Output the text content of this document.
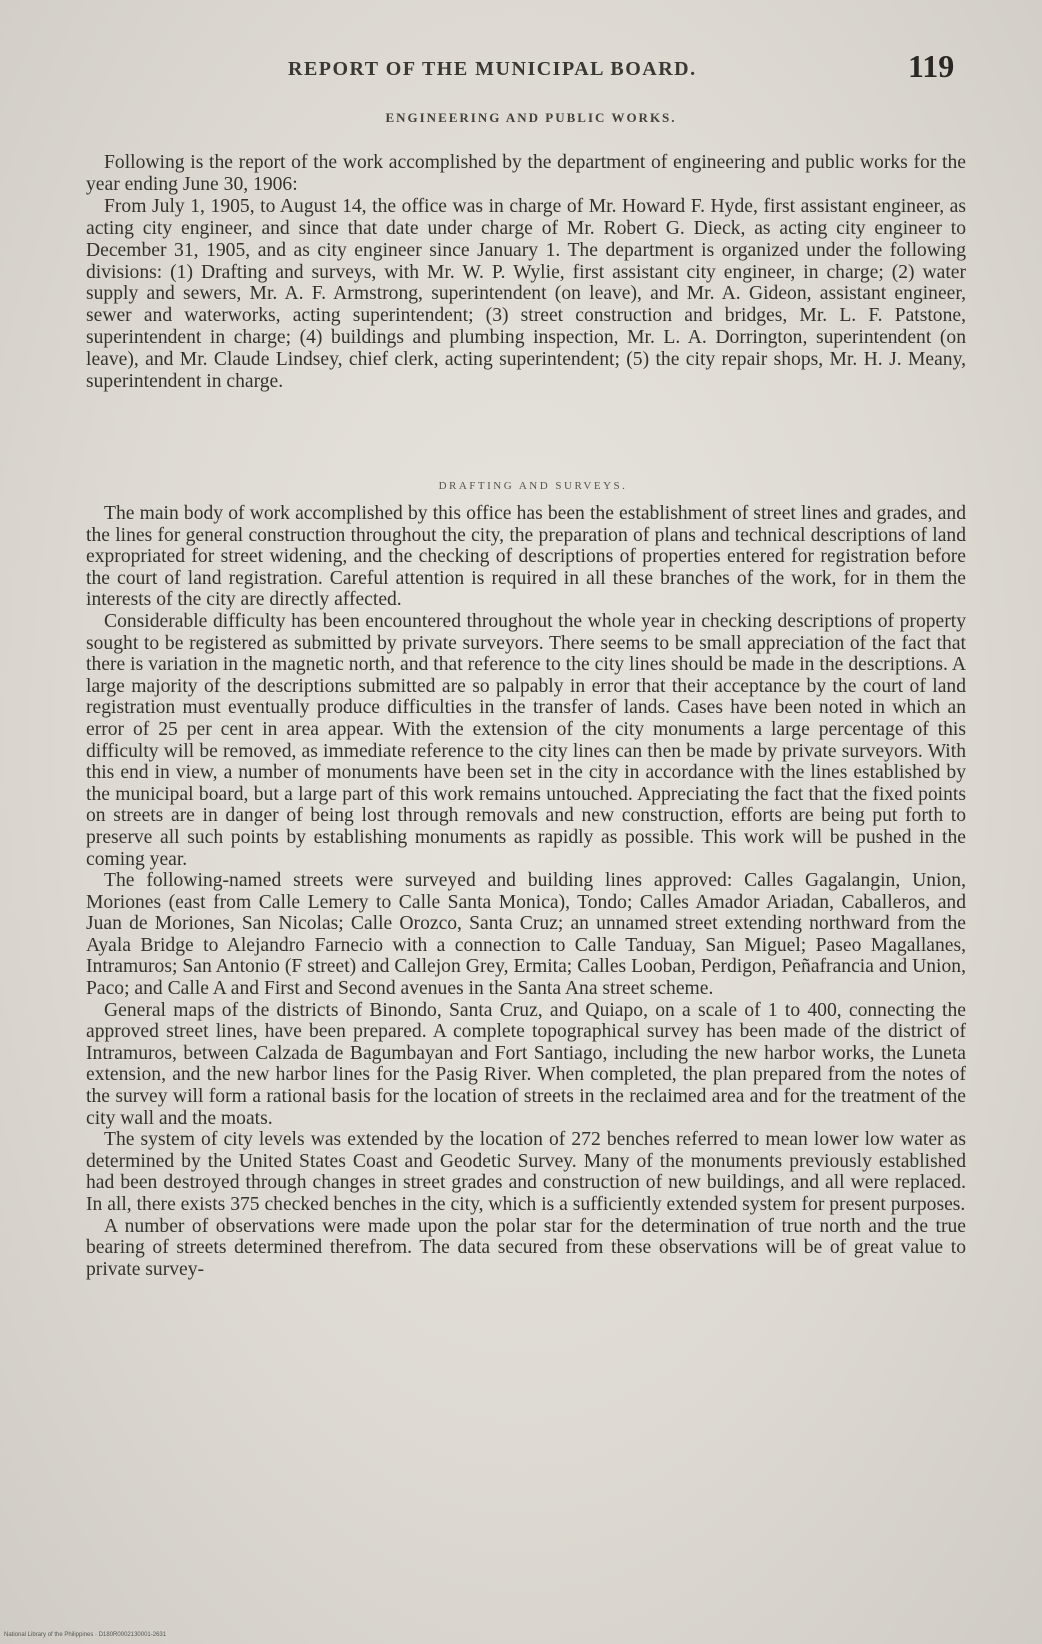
REPORT OF THE MUNICIPAL BOARD.	119
ENGINEERING AND PUBLIC WORKS.

Following is the report of the work accomplished by the department of engineering and public works for the year ending June 30, 1906:

From July 1, 1905, to August 14, the office was in charge of Mr. Howard F. Hyde, first assistant engineer, as acting city engineer, and since that date under charge of Mr. Robert G. Dieck, as acting city engineer to December 31, 1905, and as city engineer since January 1. The department is organized under the following divisions: (1) Drafting and surveys, with Mr. W. P. Wylie, first assistant city engineer, in charge; (2) water supply and sewers, Mr. A. F. Armstrong, superintendent (on leave), and Mr. A. Gideon, assistant engineer, sewer and waterworks, acting superintendent; (3) street construction and bridges, Mr. L. F. Patstone, superintendent in charge; (4) buildings and plumbing inspection, Mr. L. A. Dorrington, superintendent (on leave), and Mr. Claude Lindsey, chief clerk, acting superintendent; (5) the city repair shops, Mr. H. J. Meany, superintendent in charge.

DRAFTING AND SURVEYS.

The main body of work accomplished by this office has been the establishment of street lines and grades, and the lines for general construction throughout the city, the preparation of plans and technical descriptions of land expropriated for street widening, and the checking of descriptions of properties entered for registration before the court of land registration. Careful attention is required in all these branches of the work, for in them the interests of the city are directly affected.

Considerable difficulty has been encountered throughout the whole year in checking descriptions of property sought to be registered as submitted by private surveyors. There seems to be small appreciation of the fact that there is variation in the magnetic north, and that reference to the city lines should be made in the descriptions. A large majority of the descriptions submitted are so palpably in error that their acceptance by the court of land registration must eventually produce difficulties in the transfer of lands. Cases have been noted in which an error of 25 per cent in area appear. With the extension of the city monuments a large percentage of this difficulty will be removed, as immediate reference to the city lines can then be made by private surveyors. With this end in view, a number of monuments have been set in the city in accordance with the lines established by the municipal board, but a large part of this work remains untouched. Appreciating the fact that the fixed points on streets are in danger of being lost through removals and new construction, efforts are being put forth to preserve all such points by establishing monuments as rapidly as possible. This work will be pushed in the coming year.

The following-named streets were surveyed and building lines approved: Calles Gagalangin, Union, Moriones (east from Calle Lemery to Calle Santa Monica), Tondo; Calles Amador Ariadan, Caballeros, and Juan de Moriones, San Nicolas; Calle Orozco, Santa Cruz; an unnamed street extending northward from the Ayala Bridge to Alejandro Farnecio with a connection to Calle Tanduay, San Miguel; Paseo Magallanes, Intramuros; San Antonio (F street) and Callejon Grey, Ermita; Calles Looban, Perdigon, Peñafrancia and Union, Paco; and Calle A and First and Second avenues in the Santa Ana street scheme.

General maps of the districts of Binondo, Santa Cruz, and Quiapo, on a scale of 1 to 400, connecting the approved street lines, have been prepared. A complete topographical survey has been made of the district of Intramuros, between Calzada de Bagumbayan and Fort Santiago, including the new harbor works, the Luneta extension, and the new harbor lines for the Pasig River. When completed, the plan prepared from the notes of the survey will form a rational basis for the location of streets in the reclaimed area and for the treatment of the city wall and the moats.

The system of city levels was extended by the location of 272 benches referred to mean lower low water as determined by the United States Coast and Geodetic Survey. Many of the monuments previously established had been destroyed through changes in street grades and construction of new buildings, and all were replaced. In all, there exists 375 checked benches in the city, which is a sufficiently extended system for present purposes.

A number of observations were made upon the polar star for the determination of true north and the true bearing of streets determined therefrom. The data secured from these observations will be of great value to private survey-

National Library of the Philippines · D180R0002130001-2631
